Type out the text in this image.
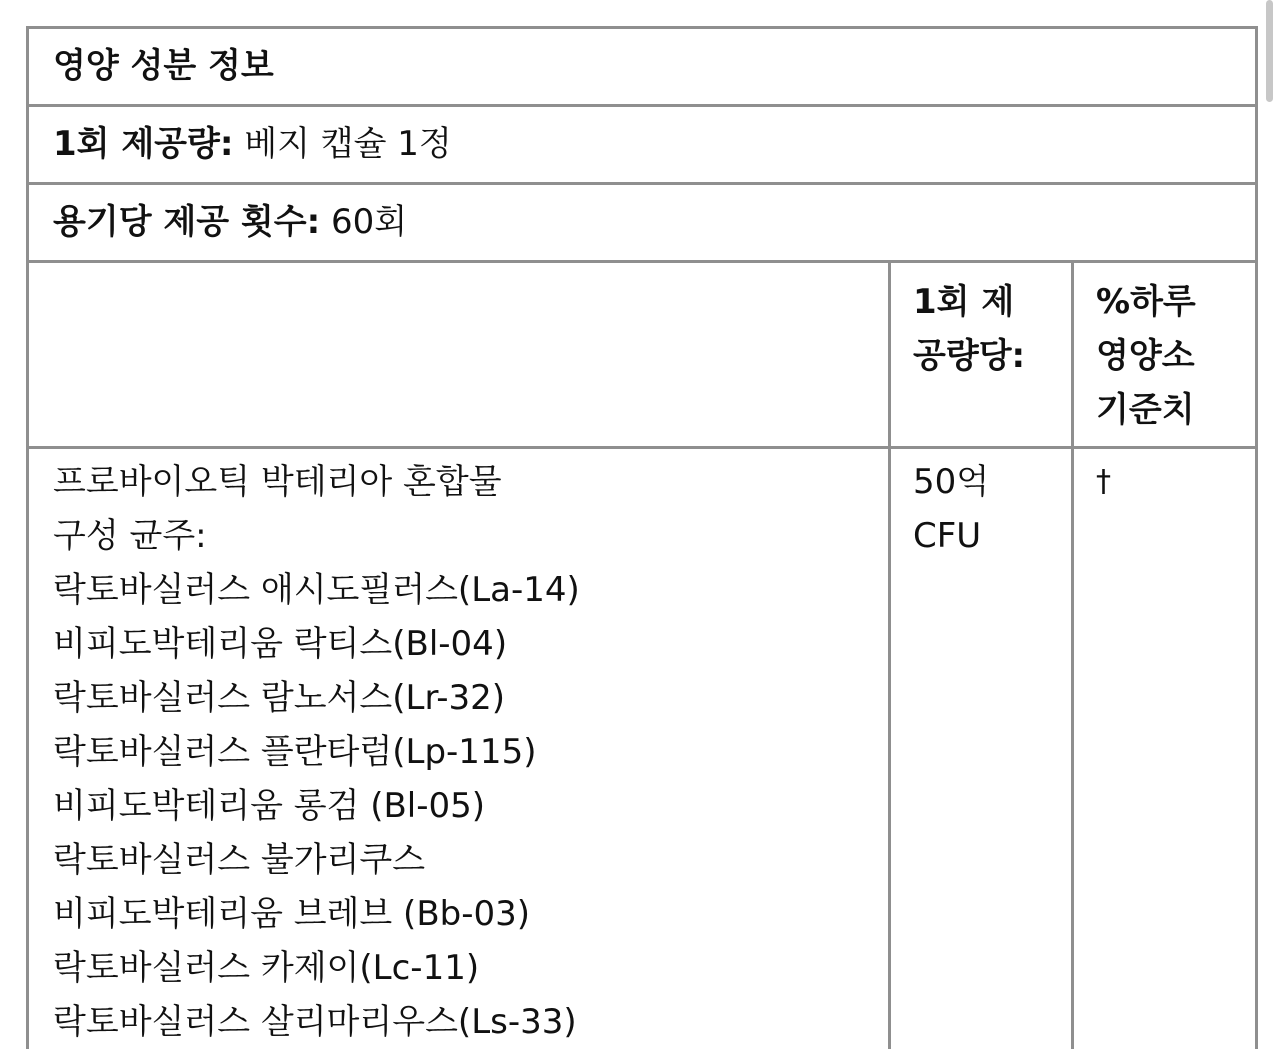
영양 성분 정보
1회 제공량: 베지 캡슐 1정
용기당 제공 횟수: 60회
1회 제
공량당:
%하루
영양소
기준치
프로바이오틱 박테리아 혼합물
구성 균주:
락토바실러스 애시도필러스(La-14)
비피도박테리움 락티스(Bl-04)
락토바실러스 람노서스(Lr-32)
락토바실러스 플란타럼(Lp-115)
비피도박테리움 롱검 (Bl-05)
락토바실러스 불가리쿠스
비피도박테리움 브레브 (Bb-03)
락토바실러스 카제이(Lc-11)
락토바실러스 살리마리우스(Ls-33)
50억
CFU
†
